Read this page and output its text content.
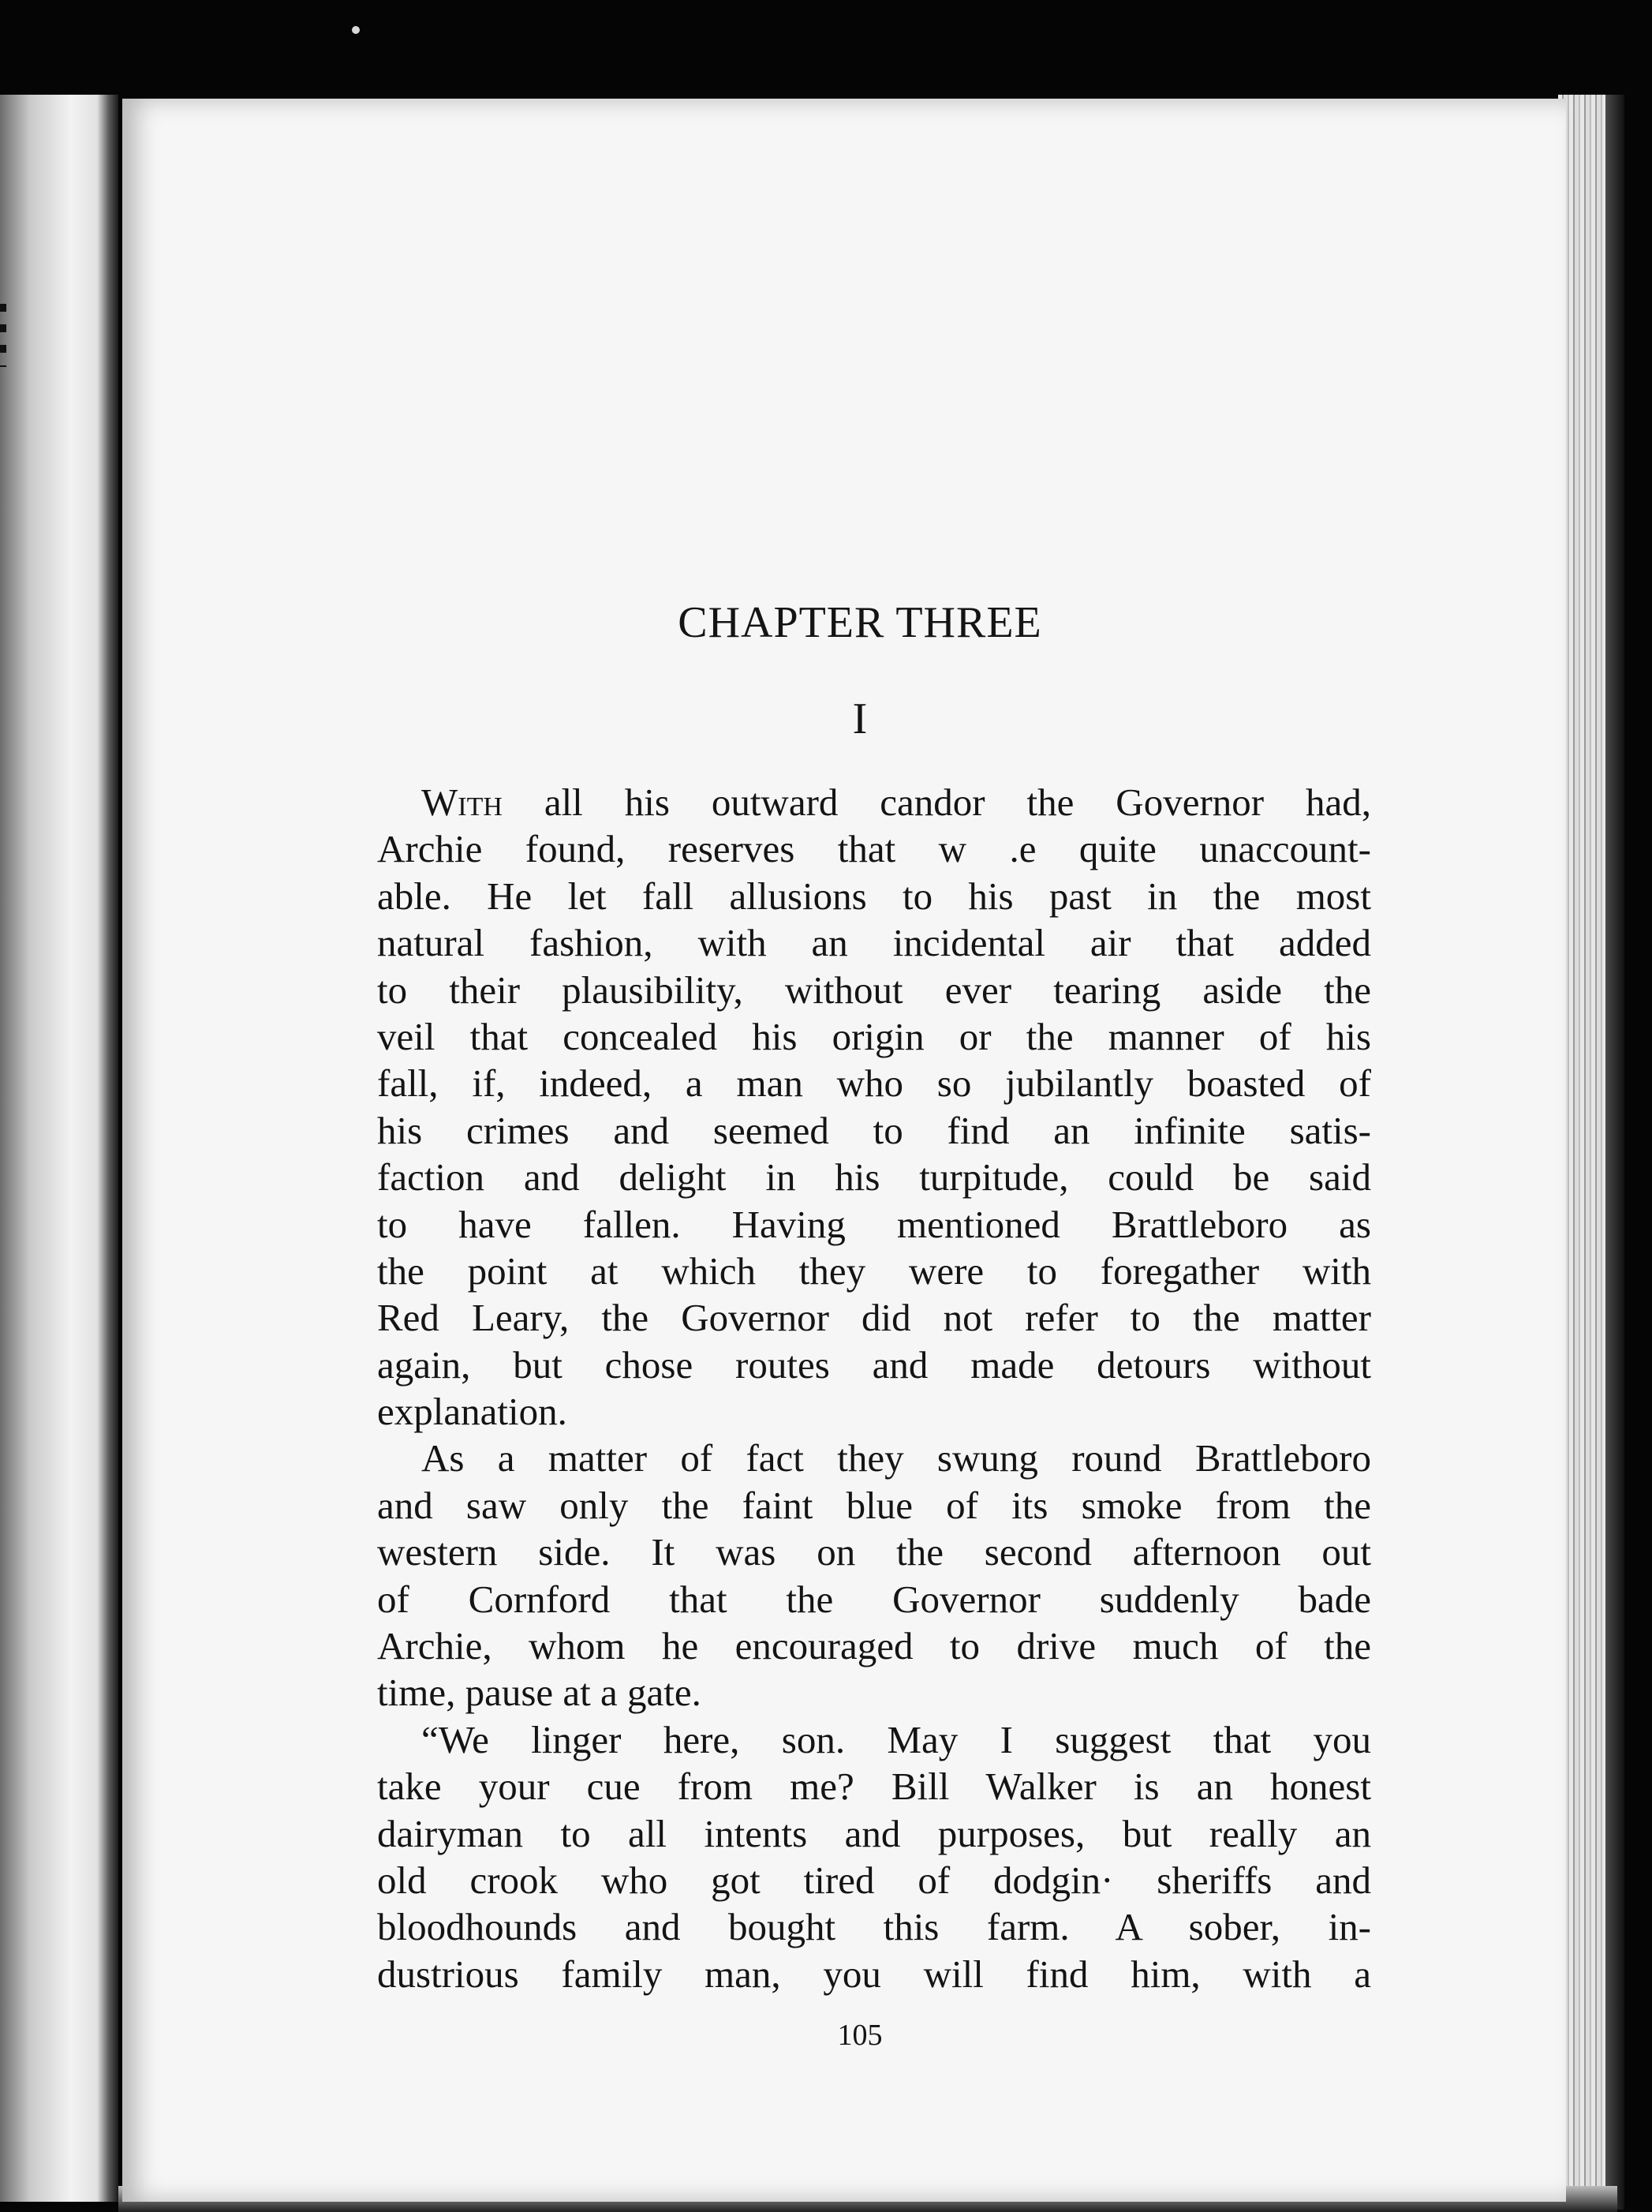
CHAPTER THREE
I
With all his outward candor the Governor had,
Archie found, reserves that w .e quite unaccount-
able. He let fall allusions to his past in the most
natural fashion, with an incidental air that added
to their plausibility, without ever tearing aside the
veil that concealed his origin or the manner of his
fall, if, indeed, a man who so jubilantly boasted of
his crimes and seemed to find an infinite satis-
faction and delight in his turpitude, could be said
to have fallen. Having mentioned Brattleboro as
the point at which they were to foregather with
Red Leary, the Governor did not refer to the matter
again, but chose routes and made detours without
explanation.
As a matter of fact they swung round Brattleboro
and saw only the faint blue of its smoke from the
western side. It was on the second afternoon out
of Cornford that the Governor suddenly bade
Archie, whom he encouraged to drive much of the
time, pause at a gate.
“We linger here, son. May I suggest that you
take your cue from me? Bill Walker is an honest
dairyman to all intents and purposes, but really an
old crook who got tired of dodgin· sheriffs and
bloodhounds and bought this farm. A sober, in-
dustrious family man, you will find him, with a
105
